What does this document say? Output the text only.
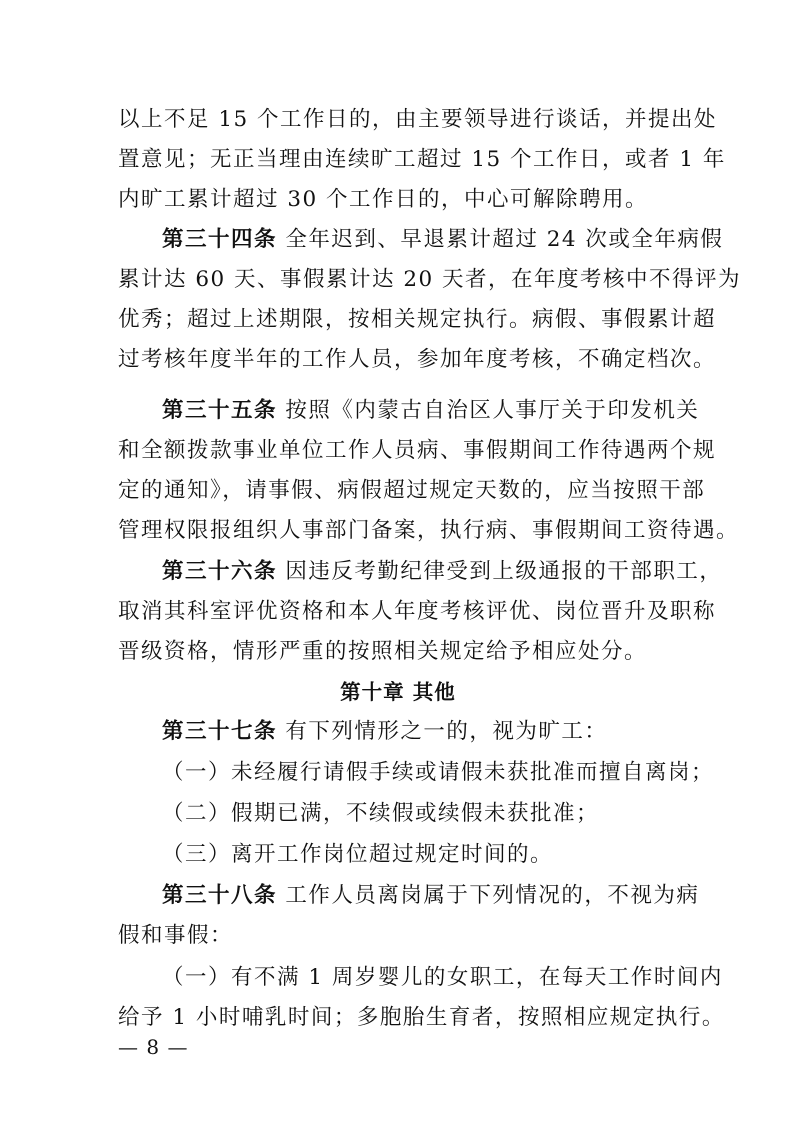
以上不足 15 个工作日的，由主要领导进行谈话，并提出处
置意见；无正当理由连续旷工超过 15 个工作日，或者 1 年
内旷工累计超过 30 个工作日的，中心可解除聘用。
第三十四条 全年迟到、早退累计超过 24 次或全年病假
累计达 60 天、事假累计达 20 天者，在年度考核中不得评为
优秀；超过上述期限，按相关规定执行。病假、事假累计超
过考核年度半年的工作人员，参加年度考核，不确定档次。
第三十五条 按照《内蒙古自治区人事厅关于印发机关
和全额拨款事业单位工作人员病、事假期间工作待遇两个规
定的通知》，请事假、病假超过规定天数的，应当按照干部
管理权限报组织人事部门备案，执行病、事假期间工资待遇。
第三十六条 因违反考勤纪律受到上级通报的干部职工，
取消其科室评优资格和本人年度考核评优、岗位晋升及职称
晋级资格，情形严重的按照相关规定给予相应处分。
第十章 其他
第三十七条 有下列情形之一的，视为旷工：
（一）未经履行请假手续或请假未获批准而擅自离岗；
（二）假期已满，不续假或续假未获批准；
（三）离开工作岗位超过规定时间的。
第三十八条 工作人员离岗属于下列情况的，不视为病
假和事假：
（一）有不满 1 周岁婴儿的女职工，在每天工作时间内
给予 1 小时哺乳时间；多胞胎生育者，按照相应规定执行。
— 8 —
